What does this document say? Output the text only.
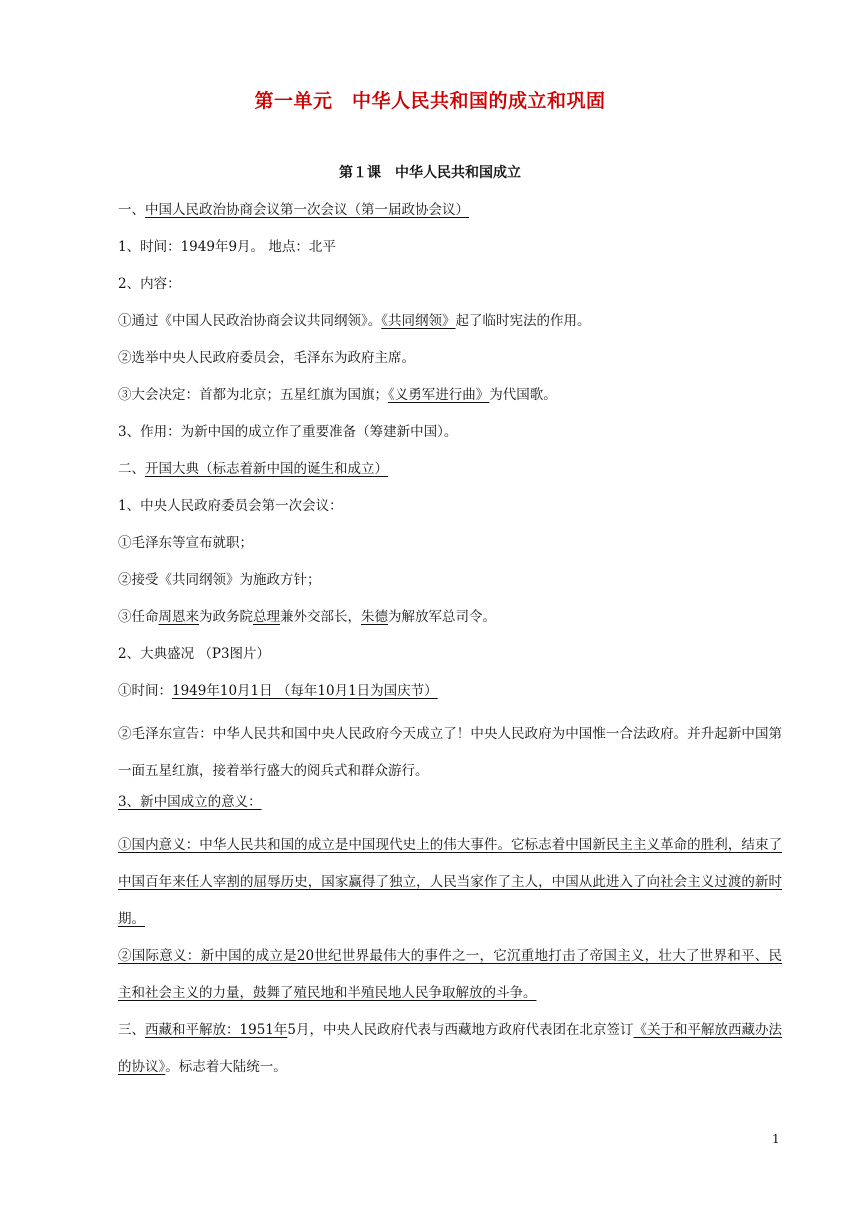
第一单元　中华人民共和国的成立和巩固
第１课　中华人民共和国成立
一、中国人民政治协商会议第一次会议（第一届政协会议）
1、时间：1949年9月。 地点：北平
2、内容：
①通过《中国人民政治协商会议共同纲领》。《共同纲领》起了临时宪法的作用。
②选举中央人民政府委员会，毛泽东为政府主席。
③大会决定：首都为北京；五星红旗为国旗；《义勇军进行曲》为代国歌。
3、作用：为新中国的成立作了重要准备（筹建新中国）。
二、开国大典（标志着新中国的诞生和成立）
1、中央人民政府委员会第一次会议：
①毛泽东等宣布就职；
②接受《共同纲领》为施政方针；
③任命周恩来为政务院总理兼外交部长，朱德为解放军总司令。
2、大典盛况 （P3图片）
①时间：1949年10月1日 （每年10月1日为国庆节）

②毛泽东宣告：中华人民共和国中央人民政府今天成立了！中央人民政府为中国惟一合法政府。并升起新中国第一面五星红旗，接着举行盛大的阅兵式和群众游行。

3、新中国成立的意义：

①国内意义：中华人民共和国的成立是中国现代史上的伟大事件。它标志着中国新民主主义革命的胜利，结束了中国百年来任人宰割的屈辱历史，国家赢得了独立，人民当家作了主人，中国从此进入了向社会主义过渡的新时期。

②国际意义：新中国的成立是20世纪世界最伟大的事件之一，它沉重地打击了帝国主义，壮大了世界和平、民主和社会主义的力量，鼓舞了殖民地和半殖民地人民争取解放的斗争。

三、西藏和平解放：1951年5月，中央人民政府代表与西藏地方政府代表团在北京签订《关于和平解放西藏办法的协议》。标志着大陆统一。

1
